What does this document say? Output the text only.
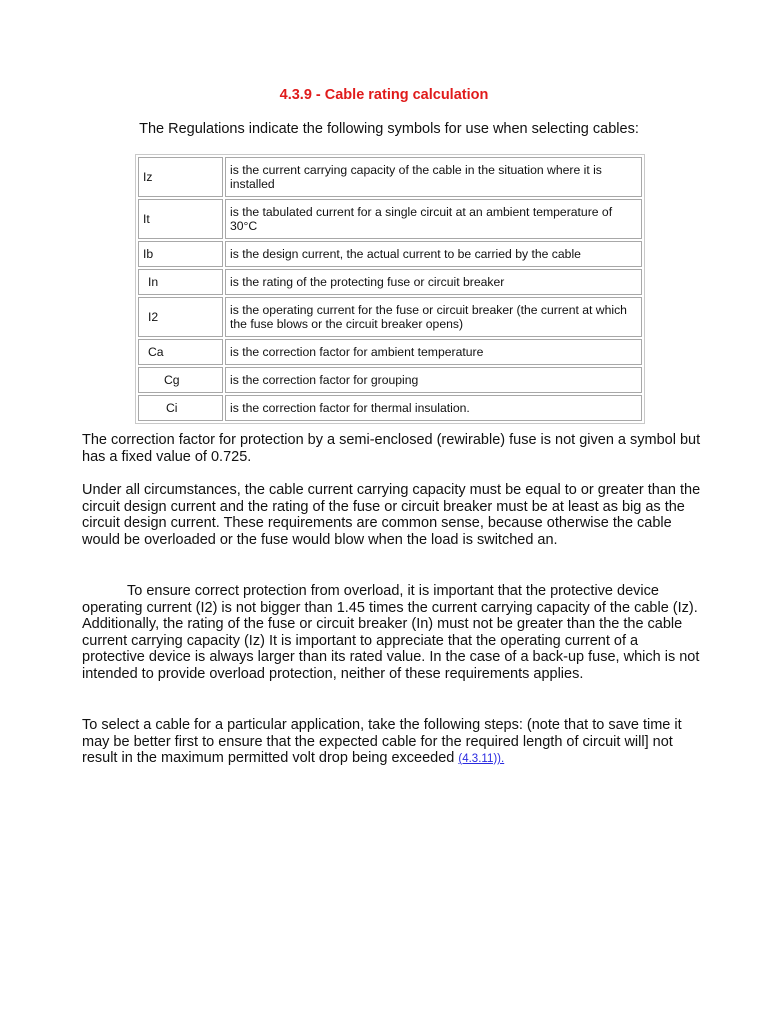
4.3.9 - Cable rating calculation
The Regulations indicate the following symbols for use when selecting cables:
Iz	is the current carrying capacity of the cable in the situation where it is installed
It	is the tabulated current for a single circuit at an ambient temperature of 30°C
Ib	is the design current, the actual current to be carried by the cable
In	is the rating of the protecting fuse or circuit breaker
I2	is the operating current for the fuse or circuit breaker (the current at which the fuse blows or the circuit breaker opens)
Ca	is the correction factor for ambient temperature
Cg	is the correction factor for grouping
Ci	is the correction factor for thermal insulation.

The correction factor for protection by a semi-enclosed (rewirable) fuse is not given a symbol but has a fixed value of 0.725.

Under all circumstances, the cable current carrying capacity must be equal to or greater than the circuit design current and the rating of the fuse or circuit breaker must be at least as big as the circuit design current. These requirements are common sense, because otherwise the cable would be overloaded or the fuse would blow when the load is switched an.

To ensure correct protection from overload, it is important that the protective device operating current (I2) is not bigger than 1.45 times the current carrying capacity of the cable (Iz). Additionally, the rating of the fuse or circuit breaker (In) must not be greater than the the cable current carrying capacity (Iz) It is important to appreciate that the operating current of a protective device is always larger than its rated value. In the case of a back-up fuse, which is not intended to provide overload protection, neither of these requirements applies.

To select a cable for a particular application, take the following steps: (note that to save time it may be better first to ensure that the expected cable for the required length of circuit will] not result in the maximum permitted volt drop being exceeded (4.3.11)).
